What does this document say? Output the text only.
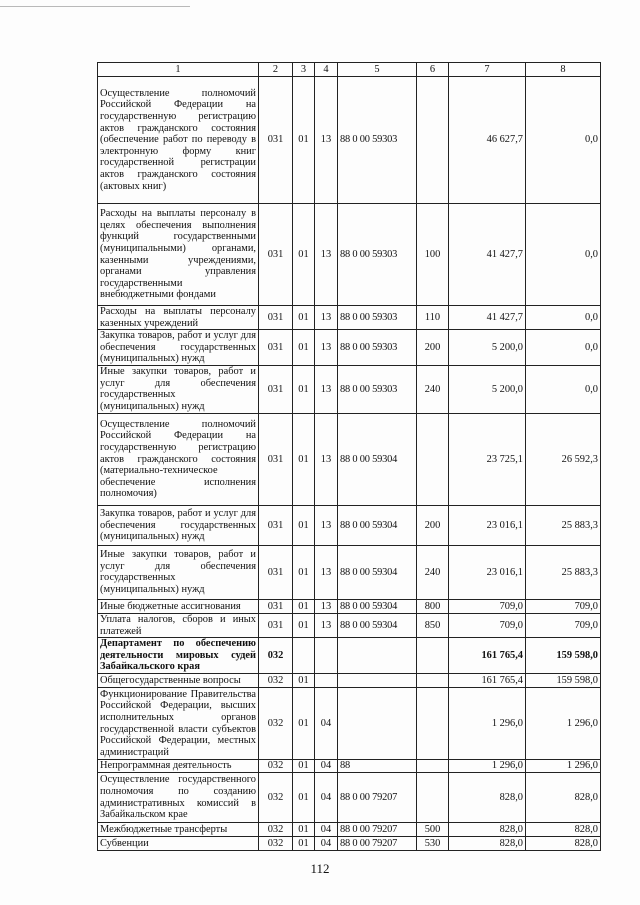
1	2	3	4	5	6	7	8
Осуществление полномочий Российской Федерации на государственную регистрацию актов гражданского состояния (обеспечение работ по переводу в электронную форму книг государственной регистрации актов гражданского состояния (актовых книг)	031	01	13	88 0 00 59303		46 627,7	0,0
Расходы на выплаты персоналу в целях обеспечения выполнения функций государственными (муниципальными) органами, казенными учреждениями, органами управления государственными внебюджетными фондами	031	01	13	88 0 00 59303	100	41 427,7	0,0
Расходы на выплаты персоналу казенных учреждений	031	01	13	88 0 00 59303	110	41 427,7	0,0
Закупка товаров, работ и услуг для обеспечения государственных (муниципальных) нужд	031	01	13	88 0 00 59303	200	5 200,0	0,0
Иные закупки товаров, работ и услуг для обеспечения государственных (муниципальных) нужд	031	01	13	88 0 00 59303	240	5 200,0	0,0
Осуществление полномочий Российской Федерации на государственную регистрацию актов гражданского состояния (материально-техническое обеспечение исполнения полномочия)	031	01	13	88 0 00 59304		23 725,1	26 592,3
Закупка товаров, работ и услуг для обеспечения государственных (муниципальных) нужд	031	01	13	88 0 00 59304	200	23 016,1	25 883,3
Иные закупки товаров, работ и услуг для обеспечения государственных (муниципальных) нужд	031	01	13	88 0 00 59304	240	23 016,1	25 883,3
Иные бюджетные ассигнования	031	01	13	88 0 00 59304	800	709,0	709,0
Уплата налогов, сборов и иных платежей	031	01	13	88 0 00 59304	850	709,0	709,0
Департамент по обеспечению деятельности мировых судей Забайкальского края	032					161 765,4	159 598,0
Общегосударственные вопросы	032	01				161 765,4	159 598,0
Функционирование Правительства Российской Федерации, высших исполнительных органов государственной власти субъектов Российской Федерации, местных администраций	032	01	04			1 296,0	1 296,0
Непрограммная деятельность	032	01	04	88		1 296,0	1 296,0
Осуществление государственного полномочия по созданию административных комиссий в Забайкальском крае	032	01	04	88 0 00 79207		828,0	828,0
Межбюджетные трансферты	032	01	04	88 0 00 79207	500	828,0	828,0
Субвенции	032	01	04	88 0 00 79207	530	828,0	828,0
112
